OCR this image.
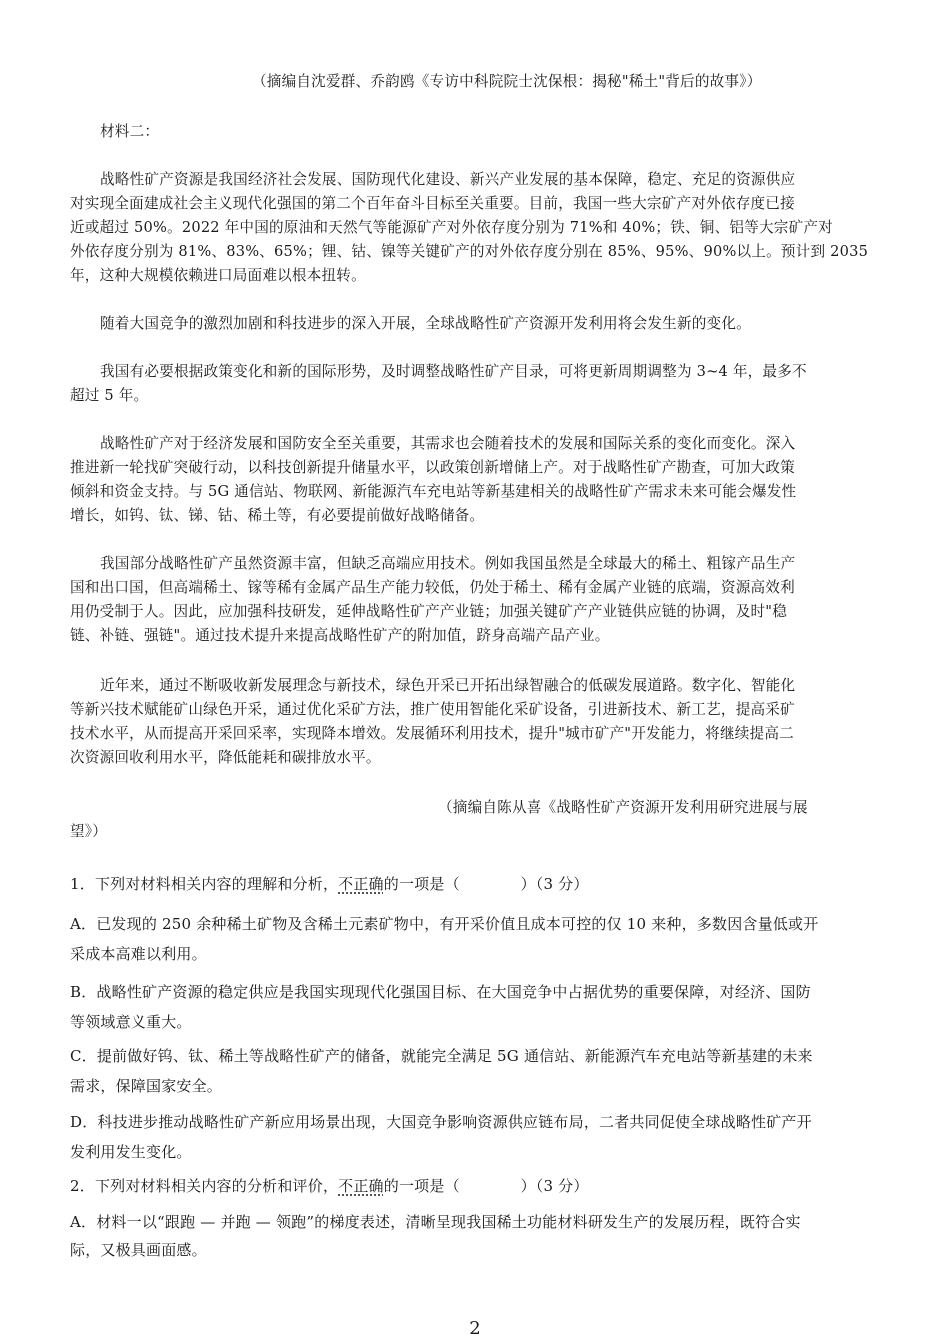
（摘编自沈爱群、乔韵鸥《专访中科院院士沈保根：揭秘"稀土"背后的故事》）
材料二：
战略性矿产资源是我国经济社会发展、国防现代化建设、新兴产业发展的基本保障，稳定、充足的资源供应
对实现全面建成社会主义现代化强国的第二个百年奋斗目标至关重要。目前，我国一些大宗矿产对外依存度已接
近或超过 50%。2022 年中国的原油和天然气等能源矿产对外依存度分别为 71%和 40%；铁、铜、铝等大宗矿产对
外依存度分别为 81%、83%、65%；锂、钴、镍等关键矿产的对外依存度分别在 85%、95%、90%以上。预计到 2035
年，这种大规模依赖进口局面难以根本扭转。
随着大国竞争的激烈加剧和科技进步的深入开展，全球战略性矿产资源开发利用将会发生新的变化。
我国有必要根据政策变化和新的国际形势，及时调整战略性矿产目录，可将更新周期调整为 3~4 年，最多不
超过 5 年。
战略性矿产对于经济发展和国防安全至关重要，其需求也会随着技术的发展和国际关系的变化而变化。深入
推进新一轮找矿突破行动，以科技创新提升储量水平，以政策创新增储上产。对于战略性矿产勘查，可加大政策
倾斜和资金支持。与 5G 通信站、物联网、新能源汽车充电站等新基建相关的战略性矿产需求未来可能会爆发性
增长，如钨、钛、锑、钴、稀土等，有必要提前做好战略储备。
我国部分战略性矿产虽然资源丰富，但缺乏高端应用技术。例如我国虽然是全球最大的稀土、粗镓产品生产
国和出口国，但高端稀土、镓等稀有金属产品生产能力较低，仍处于稀土、稀有金属产业链的底端，资源高效利
用仍受制于人。因此，应加强科技研发，延伸战略性矿产产业链；加强关键矿产产业链供应链的协调，及时"稳
链、补链、强链"。通过技术提升来提高战略性矿产的附加值，跻身高端产品产业。
近年来，通过不断吸收新发展理念与新技术，绿色开采已开拓出绿智融合的低碳发展道路。数字化、智能化
等新兴技术赋能矿山绿色开采，通过优化采矿方法，推广使用智能化采矿设备，引进新技术、新工艺，提高采矿
技术水平，从而提高开采回采率，实现降本增效。发展循环利用技术，提升"城市矿产"开发能力，将继续提高二
次资源回收利用水平，降低能耗和碳排放水平。
（摘编自陈从喜《战略性矿产资源开发利用研究进展与展
望》）
1．下列对材料相关内容的理解和分析，不正确的一项是（　　　　）（3 分）
A．已发现的 250 余种稀土矿物及含稀土元素矿物中，有开采价值且成本可控的仅 10 来种，多数因含量低或开
采成本高难以利用。
B．战略性矿产资源的稳定供应是我国实现现代化强国目标、在大国竞争中占据优势的重要保障，对经济、国防
等领域意义重大。
C．提前做好钨、钛、稀土等战略性矿产的储备，就能完全满足 5G 通信站、新能源汽车充电站等新基建的未来
需求，保障国家安全。
D．科技进步推动战略性矿产新应用场景出现，大国竞争影响资源供应链布局，二者共同促使全球战略性矿产开
发利用发生变化。
2．下列对材料相关内容的分析和评价，不正确的一项是（　　　　）（3 分）
A．材料一以“跟跑 — 并跑 — 领跑”的梯度表述，清晰呈现我国稀土功能材料研发生产的发展历程，既符合实
际，又极具画面感。
2
